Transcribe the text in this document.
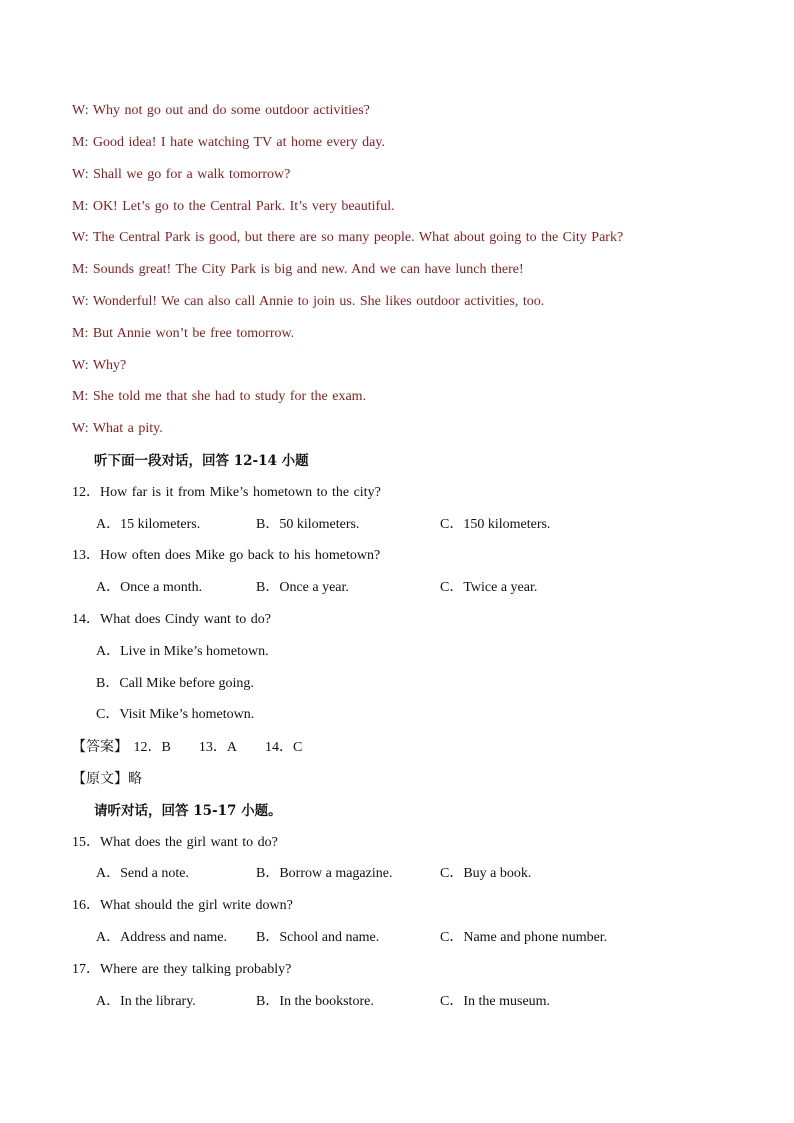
W: Why not go out and do some outdoor activities?
M: Good idea! I hate watching TV at home every day.
W: Shall we go for a walk tomorrow?
M: OK! Let’s go to the Central Park. It’s very beautiful.
W: The Central Park is good, but there are so many people. What about going to the City Park?
M: Sounds great! The City Park is big and new. And we can have lunch there!
W: Wonderful! We can also call Annie to join us. She likes outdoor activities, too.
M: But Annie won’t be free tomorrow.
W: Why?
M: She told me that she had to study for the exam.
W: What a pity.
听下面一段对话，回答 12-14 小题
12．How far is it from Mike’s hometown to the city?
A．15 kilometers.	B．50 kilometers.	C．150 kilometers.
13．How often does Mike go back to his hometown?
A．Once a month.	B．Once a year.	C．Twice a year.
14．What does Cindy want to do?
A．Live in Mike’s hometown.
B．Call Mike before going.
C．Visit Mike’s hometown.
【答案】 12．B 13．A 14．C
【原文】略
请听对话，回答 15-17 小题。
15．What does the girl want to do?
A．Send a note.	B．Borrow a magazine.	C．Buy a book.
16．What should the girl write down?
A．Address and name. B．School and name.	C．Name and phone number.
17．Where are they talking probably?
A．In the library.	B．In the bookstore.	C．In the museum.
